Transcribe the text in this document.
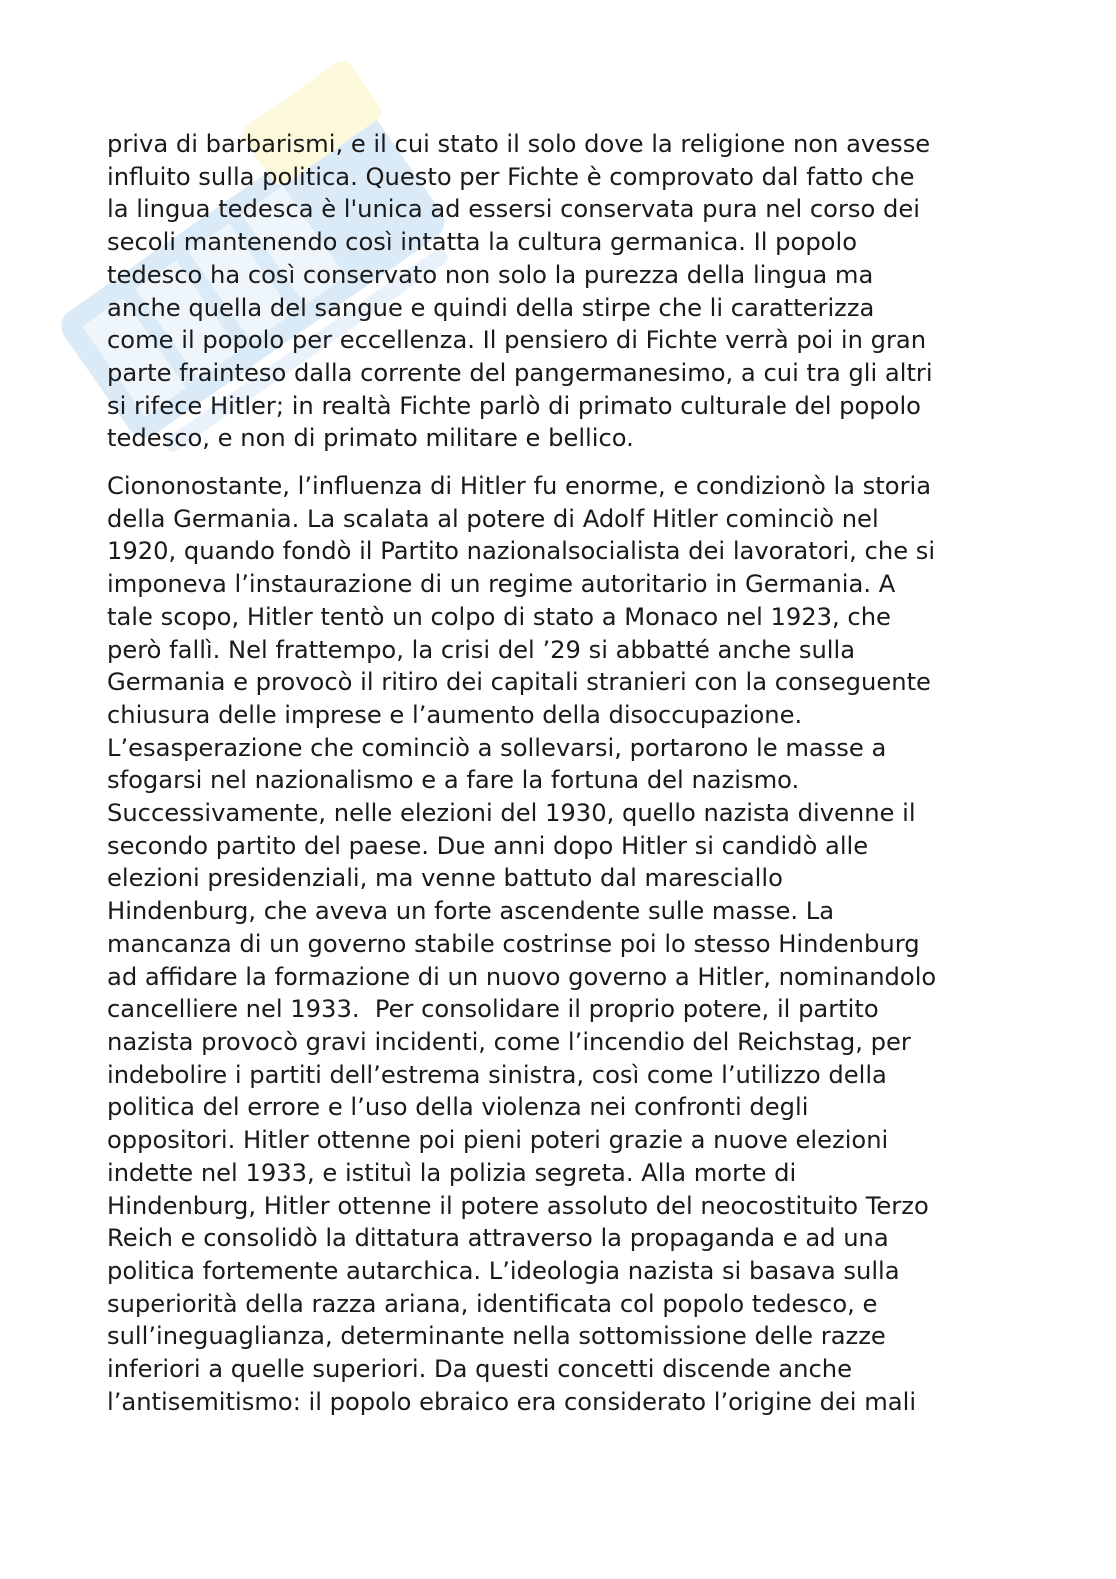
priva di barbarismi, e il cui stato il solo dove la religione non avesse
influito sulla politica. Questo per Fichte è comprovato dal fatto che
la lingua tedesca è l'unica ad essersi conservata pura nel corso dei
secoli mantenendo così intatta la cultura germanica. Il popolo
tedesco ha così conservato non solo la purezza della lingua ma
anche quella del sangue e quindi della stirpe che li caratterizza
come il popolo per eccellenza. Il pensiero di Fichte verrà poi in gran
parte frainteso dalla corrente del pangermanesimo, a cui tra gli altri
si rifece Hitler; in realtà Fichte parlò di primato culturale del popolo
tedesco, e non di primato militare e bellico.

Ciononostante, l’influenza di Hitler fu enorme, e condizionò la storia
della Germania. La scalata al potere di Adolf Hitler cominciò nel
1920, quando fondò il Partito nazionalsocialista dei lavoratori, che si
imponeva l’instaurazione di un regime autoritario in Germania. A
tale scopo, Hitler tentò un colpo di stato a Monaco nel 1923, che
però fallì. Nel frattempo, la crisi del ’29 si abbatté anche sulla
Germania e provocò il ritiro dei capitali stranieri con la conseguente
chiusura delle imprese e l’aumento della disoccupazione.
L’esasperazione che cominciò a sollevarsi, portarono le masse a
sfogarsi nel nazionalismo e a fare la fortuna del nazismo.
Successivamente, nelle elezioni del 1930, quello nazista divenne il
secondo partito del paese. Due anni dopo Hitler si candidò alle
elezioni presidenziali, ma venne battuto dal maresciallo
Hindenburg, che aveva un forte ascendente sulle masse. La
mancanza di un governo stabile costrinse poi lo stesso Hindenburg
ad affidare la formazione di un nuovo governo a Hitler, nominandolo
cancelliere nel 1933.  Per consolidare il proprio potere, il partito
nazista provocò gravi incidenti, come l’incendio del Reichstag, per
indebolire i partiti dell’estrema sinistra, così come l’utilizzo della
politica del errore e l’uso della violenza nei confronti degli
oppositori. Hitler ottenne poi pieni poteri grazie a nuove elezioni
indette nel 1933, e istituì la polizia segreta. Alla morte di
Hindenburg, Hitler ottenne il potere assoluto del neocostituito Terzo
Reich e consolidò la dittatura attraverso la propaganda e ad una
politica fortemente autarchica. L’ideologia nazista si basava sulla
superiorità della razza ariana, identificata col popolo tedesco, e
sull’ineguaglianza, determinante nella sottomissione delle razze
inferiori a quelle superiori. Da questi concetti discende anche
l’antisemitismo: il popolo ebraico era considerato l’origine dei mali
